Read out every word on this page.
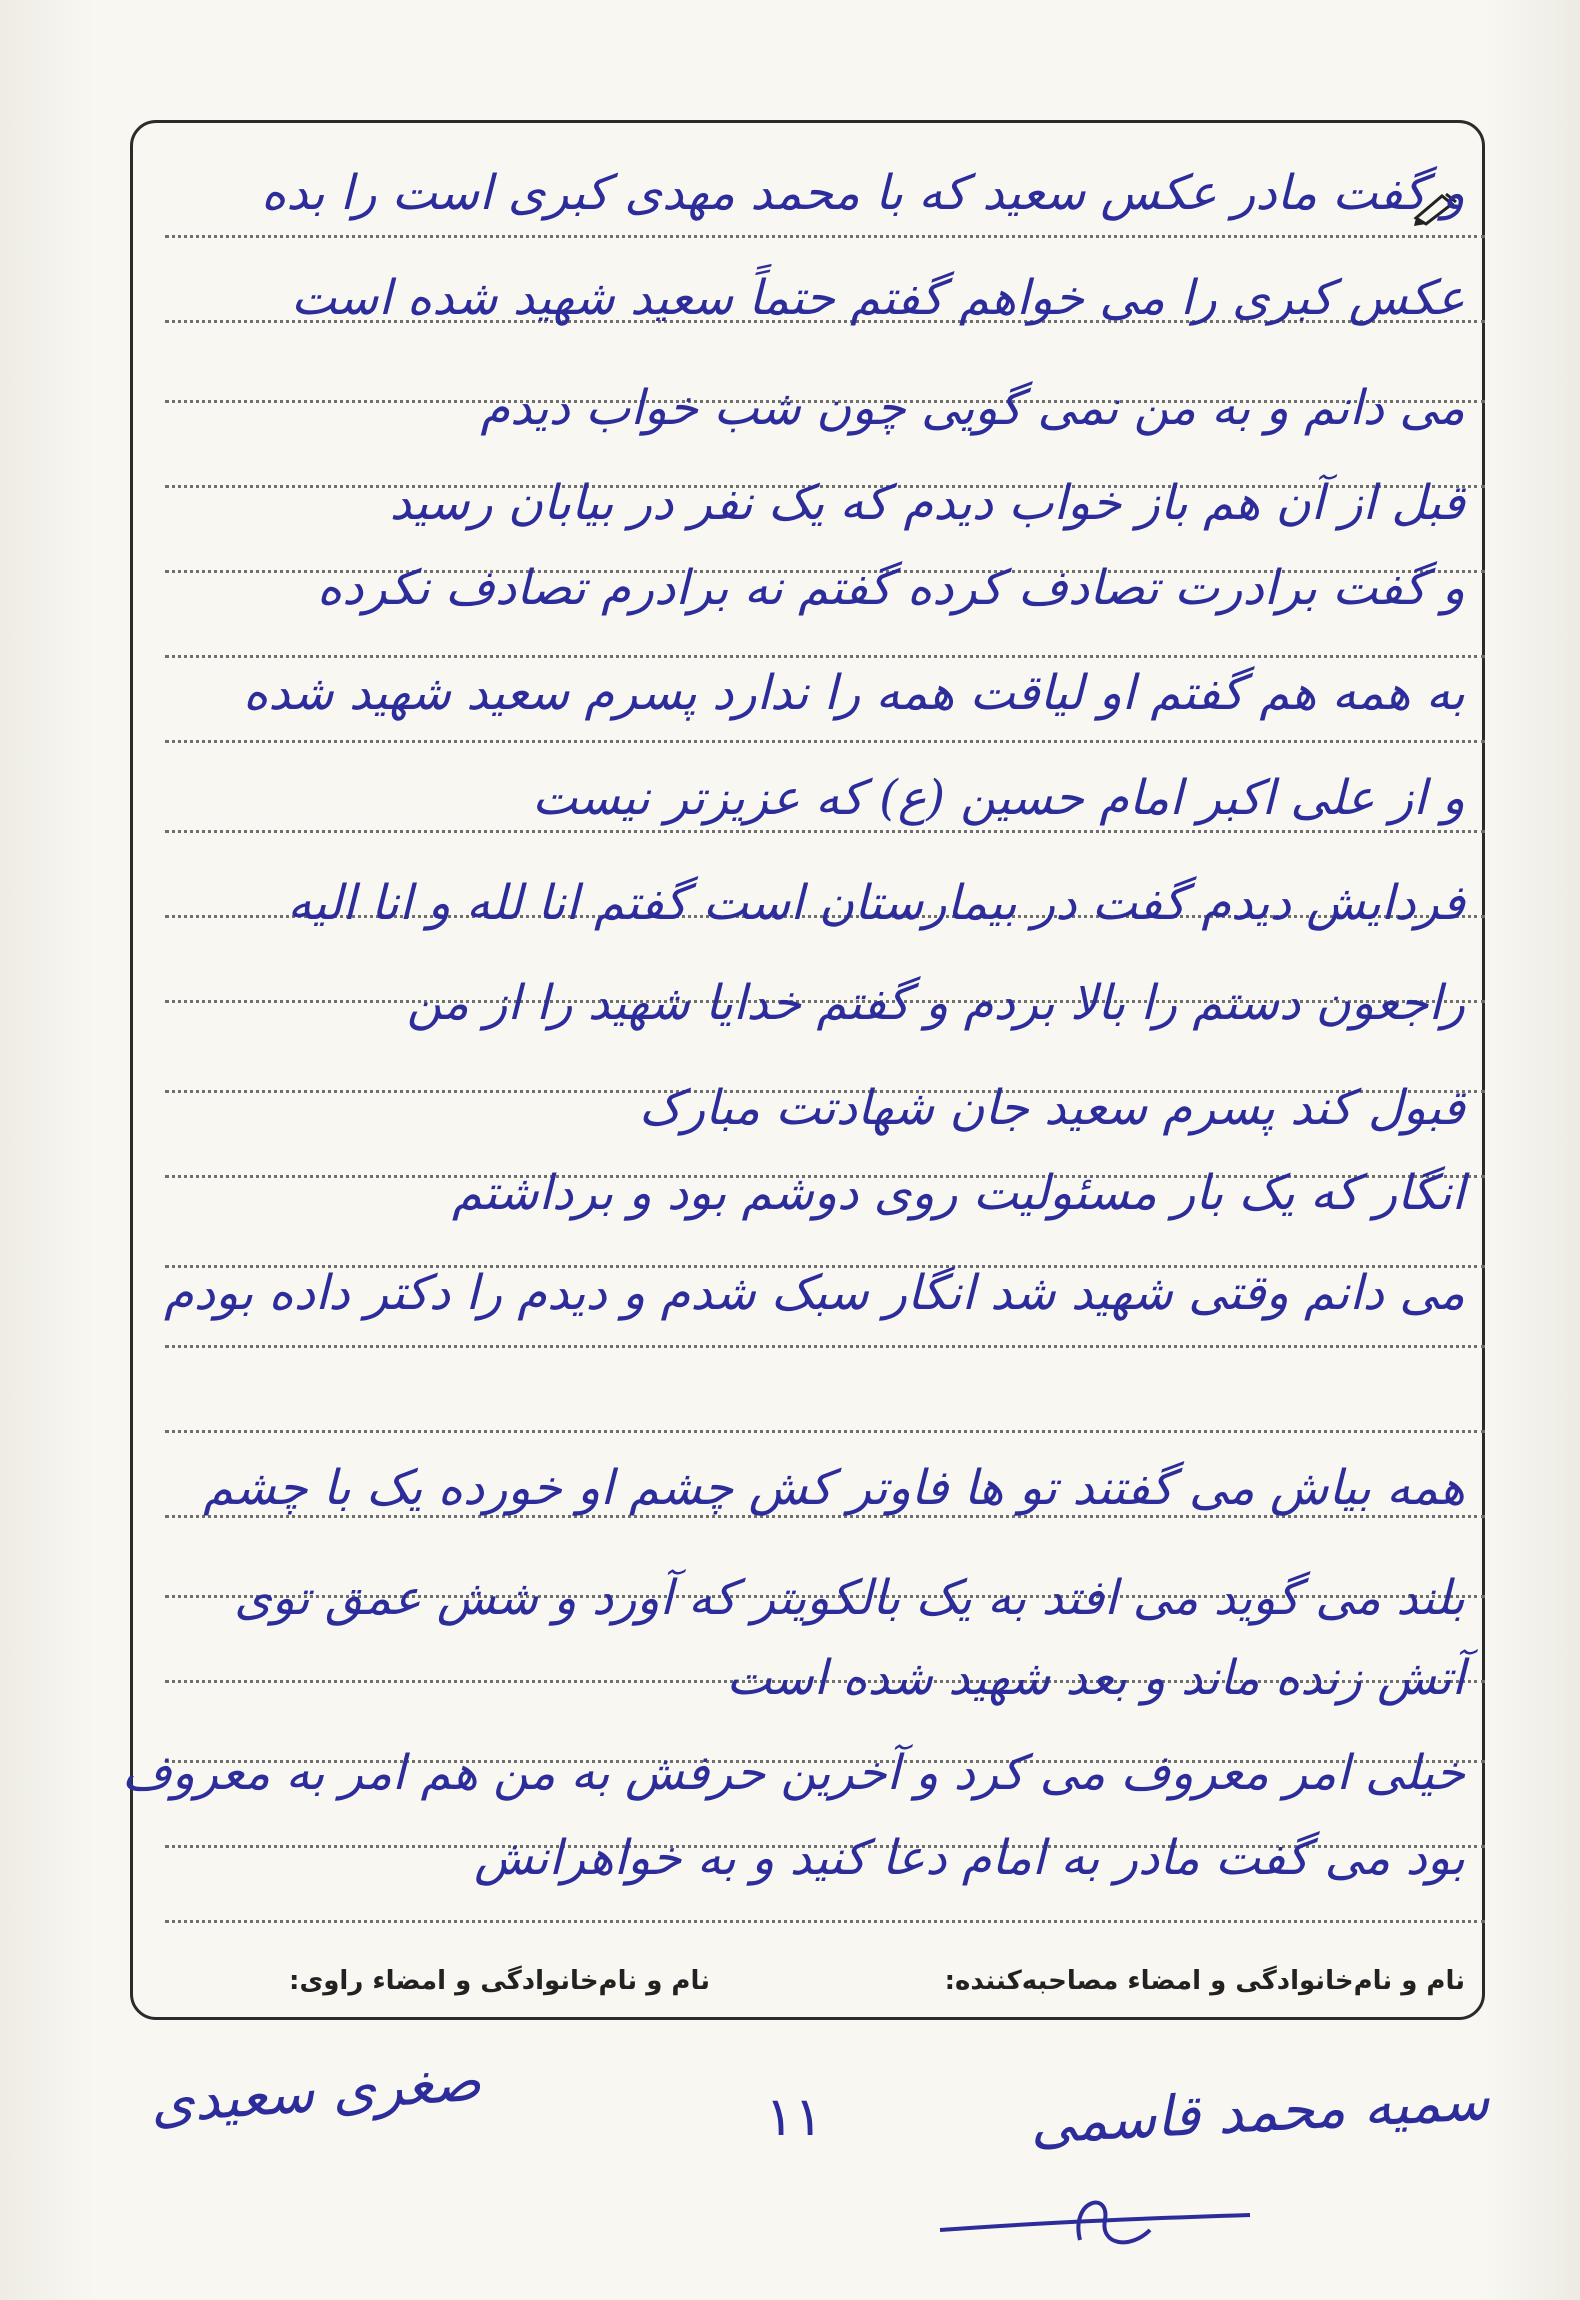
و گفت مادر عکس سعید که با محمد مهدی کبری است را بده
عکس کبری را می خواهم گفتم حتماً سعید شهید شده است
می دانم و به من نمی گویی چون شب خواب دیدم
قبل از آن هم باز خواب دیدم که یک نفر در بیابان رسید
و گفت برادرت تصادف کرده گفتم نه برادرم تصادف نکرده
به همه هم گفتم او لیاقت همه را ندارد پسرم سعید شهید شده
و از علی اکبر امام حسین (ع) که عزیزتر نیست
فردایش دیدم گفت در بیمارستان است گفتم انا لله و انا الیه
راجعون دستم را بالا بردم و گفتم خدایا شهید را از من
قبول کند پسرم سعید جان شهادتت مبارک
انگار که یک بار مسئولیت روی دوشم بود و برداشتم
می دانم وقتی شهید شد انگار سبک شدم و دیدم را دکتر داده بودم
همه بیاش می گفتند تو ها فاوتر کش چشم او خورده یک با چشم
بلند می گوید می افتد به یک بالکویتر که آورد و شش عمق توی
آتش زنده ماند و بعد شهید شده است
خیلی امر معروف می کرد و آخرین حرفش به من هم امر به معروف
بود می گفت مادر به امام دعا کنید و به خواهرانش
نام و نام‌خانوادگی و امضاء مصاحبه‌کننده:
نام و نام‌خانوادگی و امضاء راوی:
صغری سعیدی	۱۱	سمیه محمد قاسمی
